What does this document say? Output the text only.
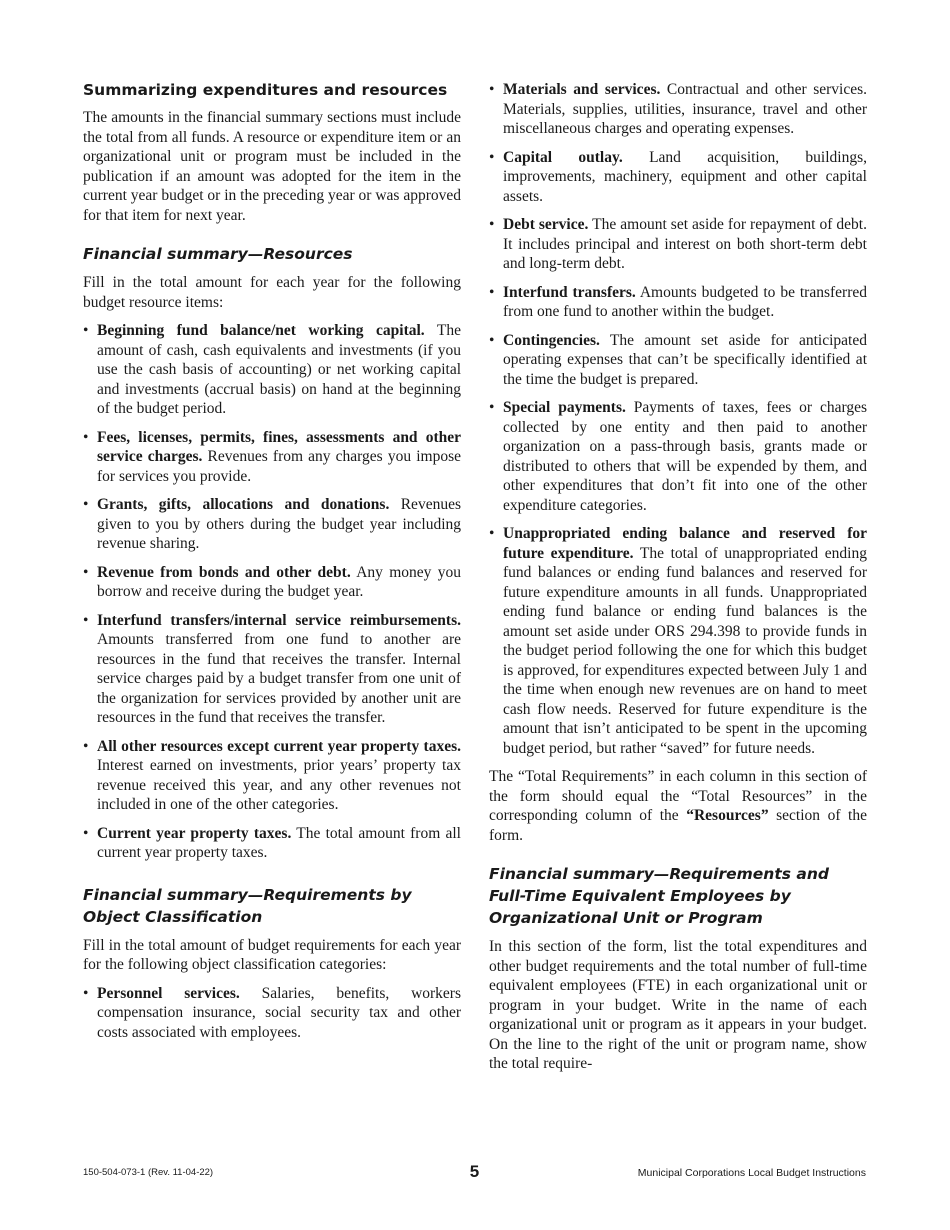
Summarizing expenditures and resources

The amounts in the financial summary sections must include the total from all funds. A resource or expenditure item or an organizational unit or program must be included in the publication if an amount was adopted for the item in the current year budget or in the preceding year or was approved for that item for next year.

Financial summary—Resources

Fill in the total amount for each year for the following budget resource items:

• Beginning fund balance/net working capital. The amount of cash, cash equivalents and investments (if you use the cash basis of accounting) or net working capital and investments (accrual basis) on hand at the beginning of the budget period.
• Fees, licenses, permits, fines, assessments and other service charges. Revenues from any charges you impose for services you provide.
• Grants, gifts, allocations and donations. Revenues given to you by others during the budget year including revenue sharing.
• Revenue from bonds and other debt. Any money you borrow and receive during the budget year.
• Interfund transfers/internal service reimbursements. Amounts transferred from one fund to another are resources in the fund that receives the transfer. Internal service charges paid by a budget transfer from one unit of the organization for services provided by another unit are resources in the fund that receives the transfer.
• All other resources except current year property taxes. Interest earned on investments, prior years’ property tax revenue received this year, and any other revenues not included in one of the other categories.
• Current year property taxes. The total amount from all current year property taxes.
Financial summary—Requirements by Object Classification

Fill in the total amount of budget requirements for each year for the following object classification categories:

• Personnel services. Salaries, benefits, workers compensation insurance, social security tax and other costs associated with employees.
• Materials and services. Contractual and other services. Materials, supplies, utilities, insurance, travel and other miscellaneous charges and operating expenses.
• Capital outlay. Land acquisition, buildings, improvements, machinery, equipment and other capital assets.
• Debt service. The amount set aside for repayment of debt. It includes principal and interest on both short-term debt and long-term debt.
• Interfund transfers. Amounts budgeted to be transferred from one fund to another within the budget.
• Contingencies. The amount set aside for anticipated operating expenses that can’t be specifically identified at the time the budget is prepared.
• Special payments. Payments of taxes, fees or charges collected by one entity and then paid to another organization on a pass-through basis, grants made or distributed to others that will be expended by them, and other expenditures that don’t fit into one of the other expenditure categories.
• Unappropriated ending balance and reserved for future expenditure. The total of unappropriated ending fund balances or ending fund balances and reserved for future expenditure amounts in all funds. Unappropriated ending fund balance or ending fund balances is the amount set aside under ORS 294.398 to provide funds in the budget period following the one for which this budget is approved, for expenditures expected between July 1 and the time when enough new revenues are on hand to meet cash flow needs. Reserved for future expenditure is the amount that isn’t anticipated to be spent in the upcoming budget period, but rather “saved” for future needs.

The “Total Requirements” in each column in this section of the form should equal the “Total Resources” in the corresponding column of the “Resources” section of the form.

Financial summary—Requirements and Full-Time Equivalent Employees by Organizational Unit or Program

In this section of the form, list the total expenditures and other budget requirements and the total number of full-time equivalent employees (FTE) in each organizational unit or program in your budget. Write in the name of each organizational unit or program as it appears in your budget. On the line to the right of the unit or program name, show the total require-

150-504-073-1 (Rev. 11-04-22)	5	Municipal Corporations Local Budget Instructions
